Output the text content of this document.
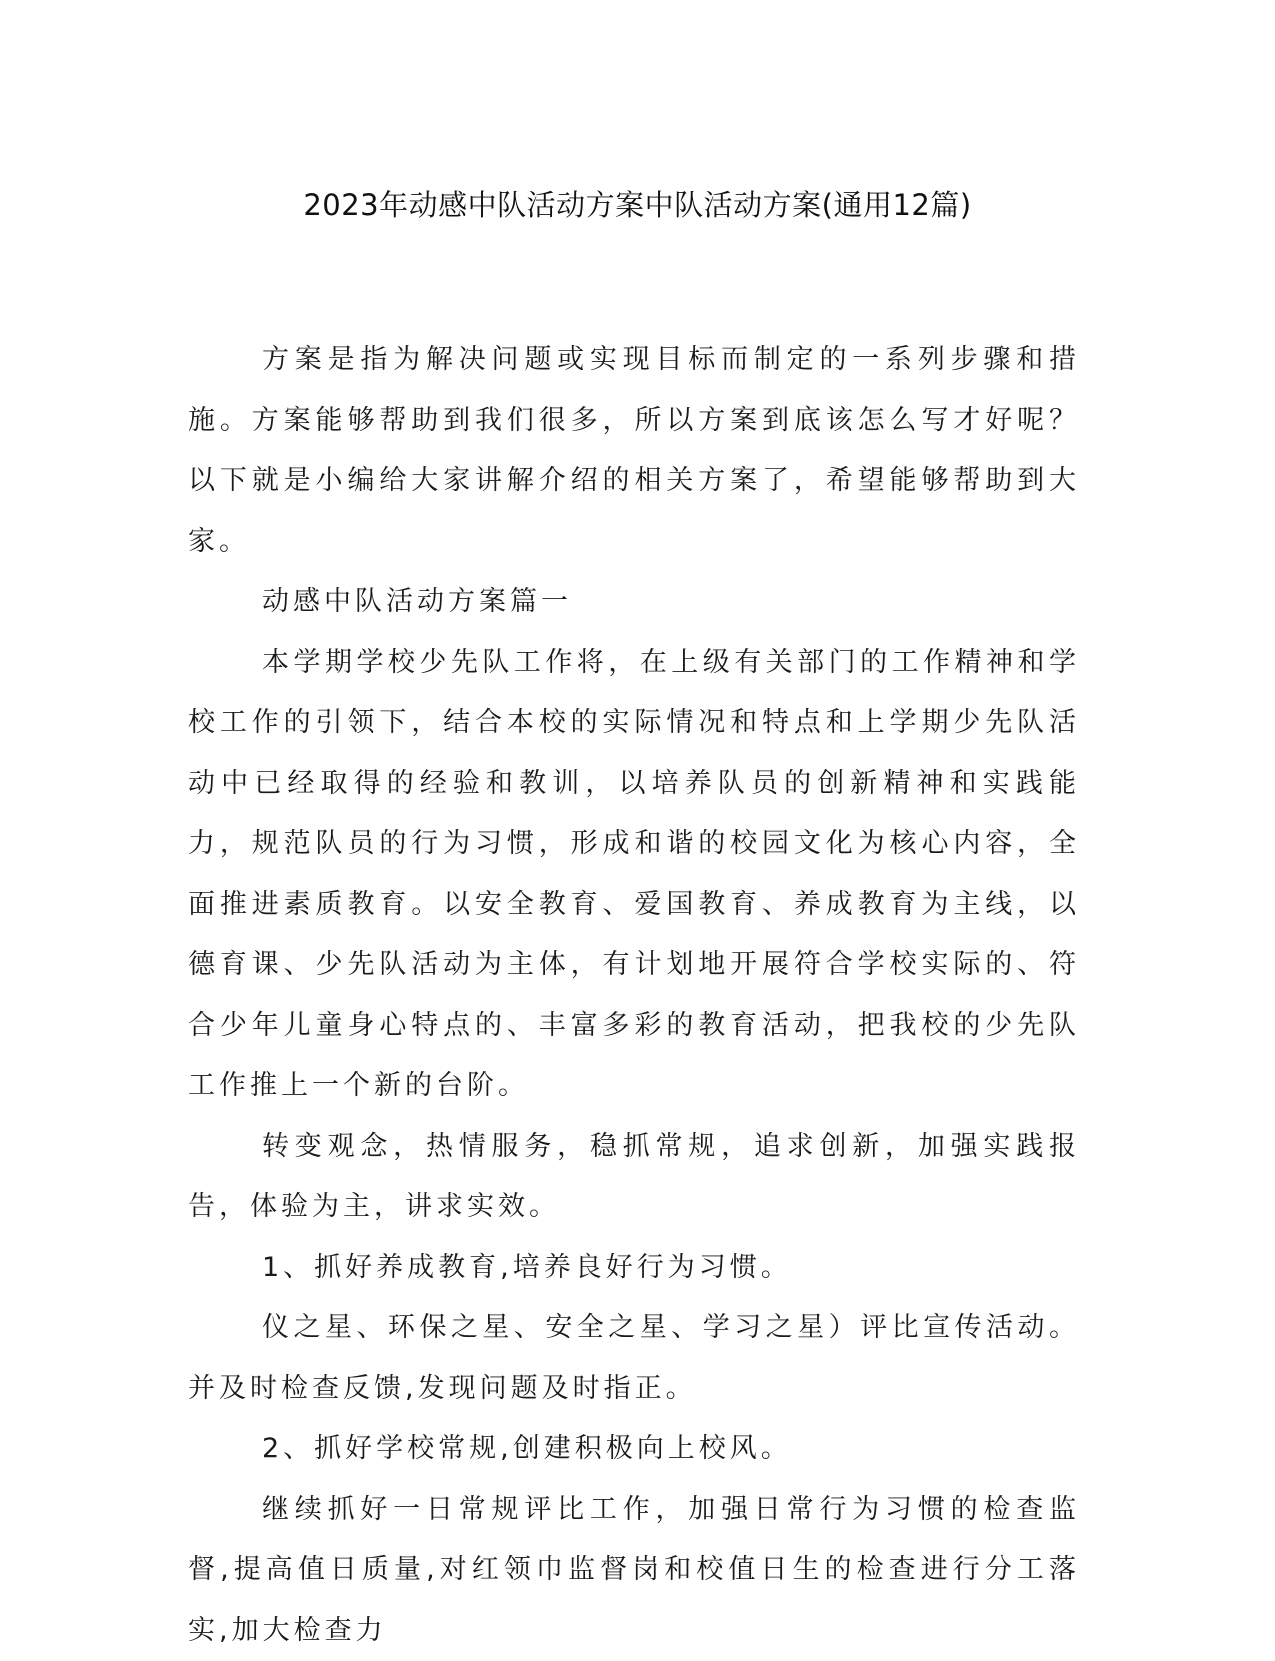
2023年动感中队活动方案中队活动方案(通用12篇)

方案是指为解决问题或实现目标而制定的一系列步骤和措施。方案能够帮助到我们很多，所以方案到底该怎么写才好呢？以下就是小编给大家讲解介绍的相关方案了，希望能够帮助到大家。

动感中队活动方案篇一

本学期学校少先队工作将，在上级有关部门的工作精神和学校工作的引领下，结合本校的实际情况和特点和上学期少先队活动中已经取得的经验和教训，以培养队员的创新精神和实践能力，规范队员的行为习惯，形成和谐的校园文化为核心内容，全面推进素质教育。以安全教育、爱国教育、养成教育为主线，以德育课、少先队活动为主体，有计划地开展符合学校实际的、符合少年儿童身心特点的、丰富多彩的教育活动，把我校的少先队工作推上一个新的台阶。

转变观念，热情服务，稳抓常规，追求创新，加强实践报告，体验为主，讲求实效。

1、抓好养成教育,培养良好行为习惯。

仪之星、环保之星、安全之星、学习之星）评比宣传活动。并及时检查反馈,发现问题及时指正。

2、抓好学校常规,创建积极向上校风。

继续抓好一日常规评比工作，加强日常行为习惯的检查监督,提高值日质量,对红领巾监督岗和校值日生的检查进行分工落实,加大检查力
